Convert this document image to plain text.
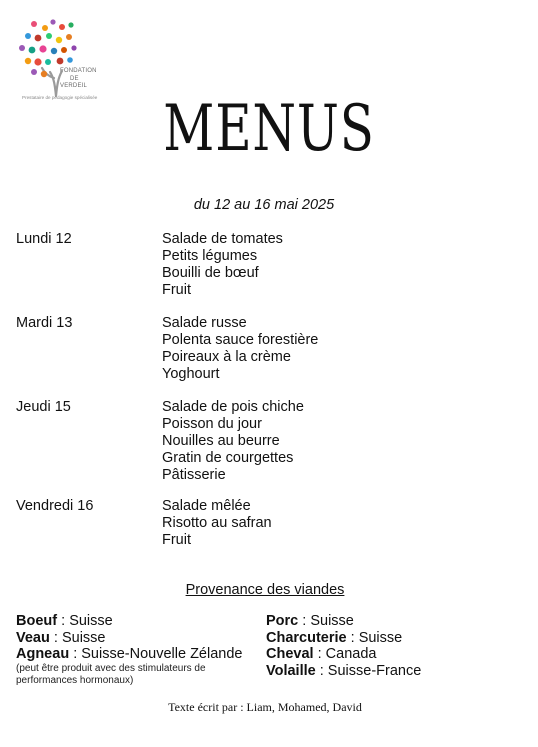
FONDATION
DE
VERDEIL
Prestataire de pédagogie spécialisée	MENUS
du 12 au 16 mai 2025
Lundi 12	Salade de tomates
Petits légumes
Bouilli de bœuf
Fruit
Mardi 13	Salade russe
Polenta sauce forestière
Poireaux à la crème
Yoghourt
Jeudi 15	Salade de pois chiche
Poisson du jour
Nouilles au beurre
Gratin de courgettes
Pâtisserie
Vendredi 16	Salade mêlée
Risotto au safran
Fruit
Provenance des viandes
Boeuf : Suisse
Veau : Suisse
Agneau : Suisse-Nouvelle Zélande
(peut être produit avec des stimulateurs de
performances hormonaux)
Porc : Suisse
Charcuterie : Suisse
Cheval : Canada
Volaille : Suisse-France
Texte écrit par : Liam, Mohamed, David
